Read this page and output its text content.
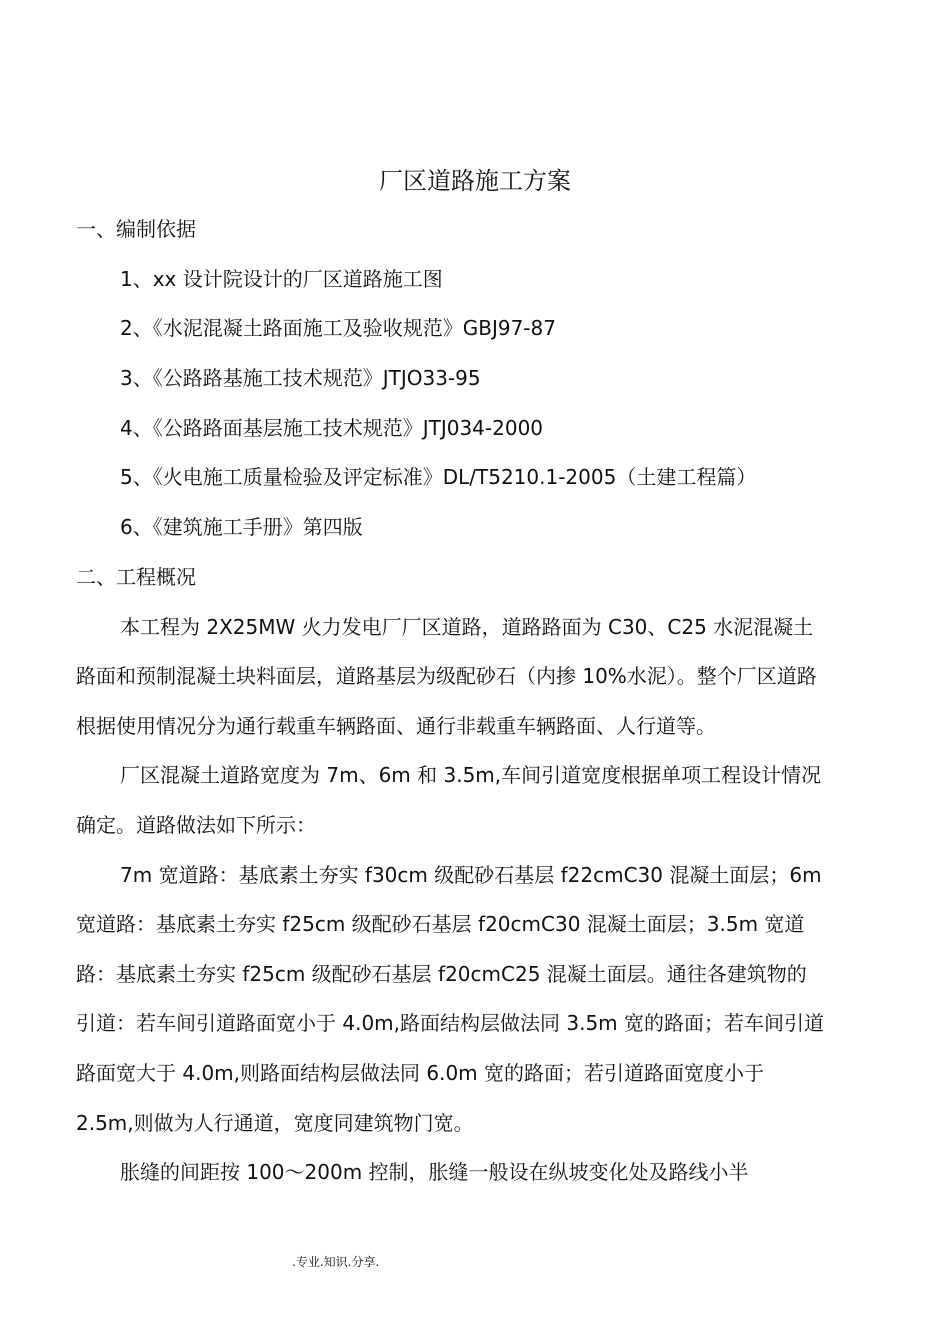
厂区道路施工方案
一、编制依据
1、xx 设计院设计的厂区道路施工图
2、《水泥混凝土路面施工及验收规范》GBJ97-87
3、《公路路基施工技术规范》JTJO33-95
4、《公路路面基层施工技术规范》JTJ034-2000
5、《火电施工质量检验及评定标准》DL/T5210.1-2005（土建工程篇）
6、《建筑施工手册》第四版
二、工程概况
本工程为 2X25MW 火力发电厂厂区道路，道路路面为 C30、C25 水泥混凝土
路面和预制混凝土块料面层，道路基层为级配砂石（内掺 10%水泥）。整个厂区道路
根据使用情况分为通行载重车辆路面、通行非载重车辆路面、人行道等。
厂区混凝土道路宽度为 7m、6m 和 3.5m,车间引道宽度根据单项工程设计情况
确定。道路做法如下所示：
7m 宽道路：基底素土夯实 f30cm 级配砂石基层 f22cmC30 混凝土面层；6m
宽道路：基底素土夯实 f25cm 级配砂石基层 f20cmC30 混凝土面层；3.5m 宽道
路：基底素土夯实 f25cm 级配砂石基层 f20cmC25 混凝土面层。通往各建筑物的
引道：若车间引道路面宽小于 4.0m,路面结构层做法同 3.5m 宽的路面；若车间引道
路面宽大于 4.0m,则路面结构层做法同 6.0m 宽的路面；若引道路面宽度小于
2.5m,则做为人行通道，宽度同建筑物门宽。
胀缝的间距按 100〜200m 控制，胀缝一般设在纵坡变化处及路线小半
.专业.知识.分享.
